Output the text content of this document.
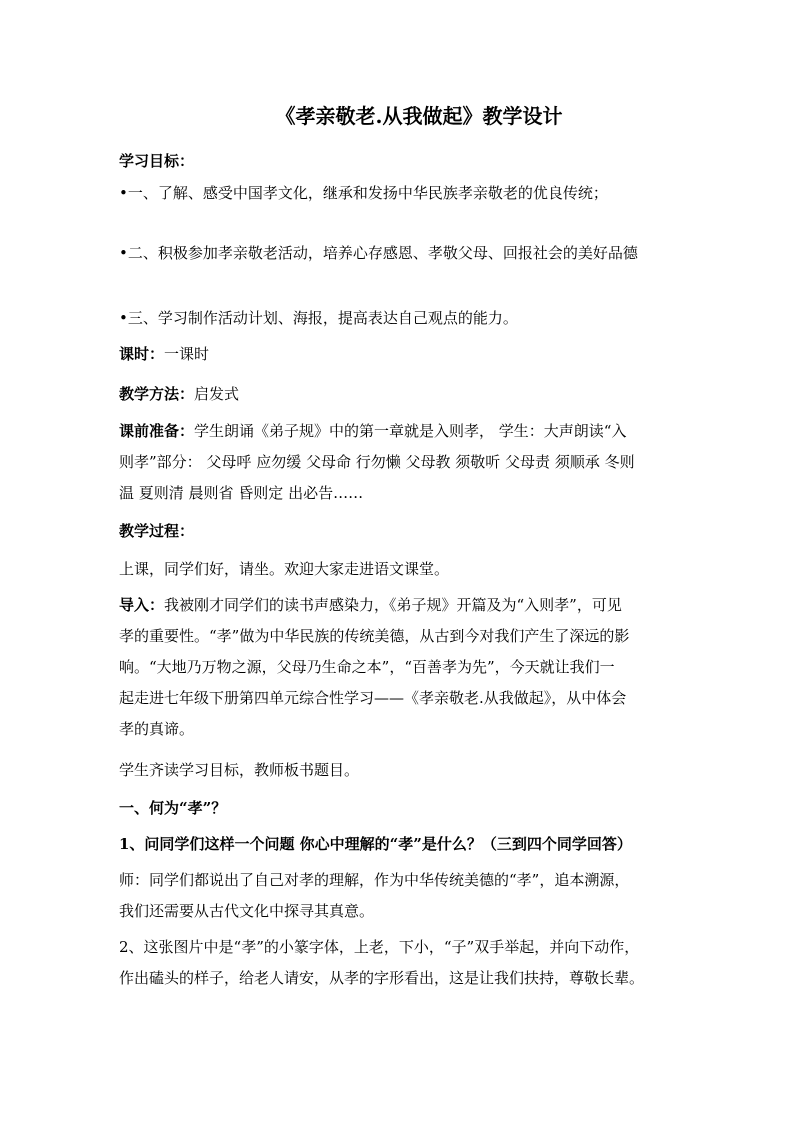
《孝亲敬老.从我做起》教学设计
学习目标：
•一、了解、感受中国孝文化，继承和发扬中华民族孝亲敬老的优良传统；
•二、积极参加孝亲敬老活动，培养心存感恩、孝敬父母、回报社会的美好品德
•三、学习制作活动计划、海报，提高表达自己观点的能力。
课时：一课时
教学方法：启发式
课前准备：学生朗诵《弟子规》中的第一章就是入则孝， 学生：大声朗读“入
则孝”部分： 父母呼 应勿缓 父母命 行勿懒 父母教 须敬听 父母责 须顺承 冬则
温 夏则清 晨则省 昏则定 出必告……
教学过程：
上课，同学们好，请坐。欢迎大家走进语文课堂。
导入：我被刚才同学们的读书声感染力，《弟子规》开篇及为“入则孝”，可见
孝的重要性。“孝”做为中华民族的传统美德，从古到今对我们产生了深远的影
响。“大地乃万物之源，父母乃生命之本”，“百善孝为先”，今天就让我们一
起走进七年级下册第四单元综合性学习——《孝亲敬老.从我做起》，从中体会
孝的真谛。
学生齐读学习目标，教师板书题目。
一、何为“孝”？
1、问同学们这样一个问题 你心中理解的“孝”是什么？（三到四个同学回答）
师：同学们都说出了自己对孝的理解，作为中华传统美德的“孝”，追本溯源，
我们还需要从古代文化中探寻其真意。
2、这张图片中是“孝”的小篆字体，上老，下小，“子”双手举起，并向下动作，
作出磕头的样子，给老人请安，从孝的字形看出，这是让我们扶持，尊敬长辈。
